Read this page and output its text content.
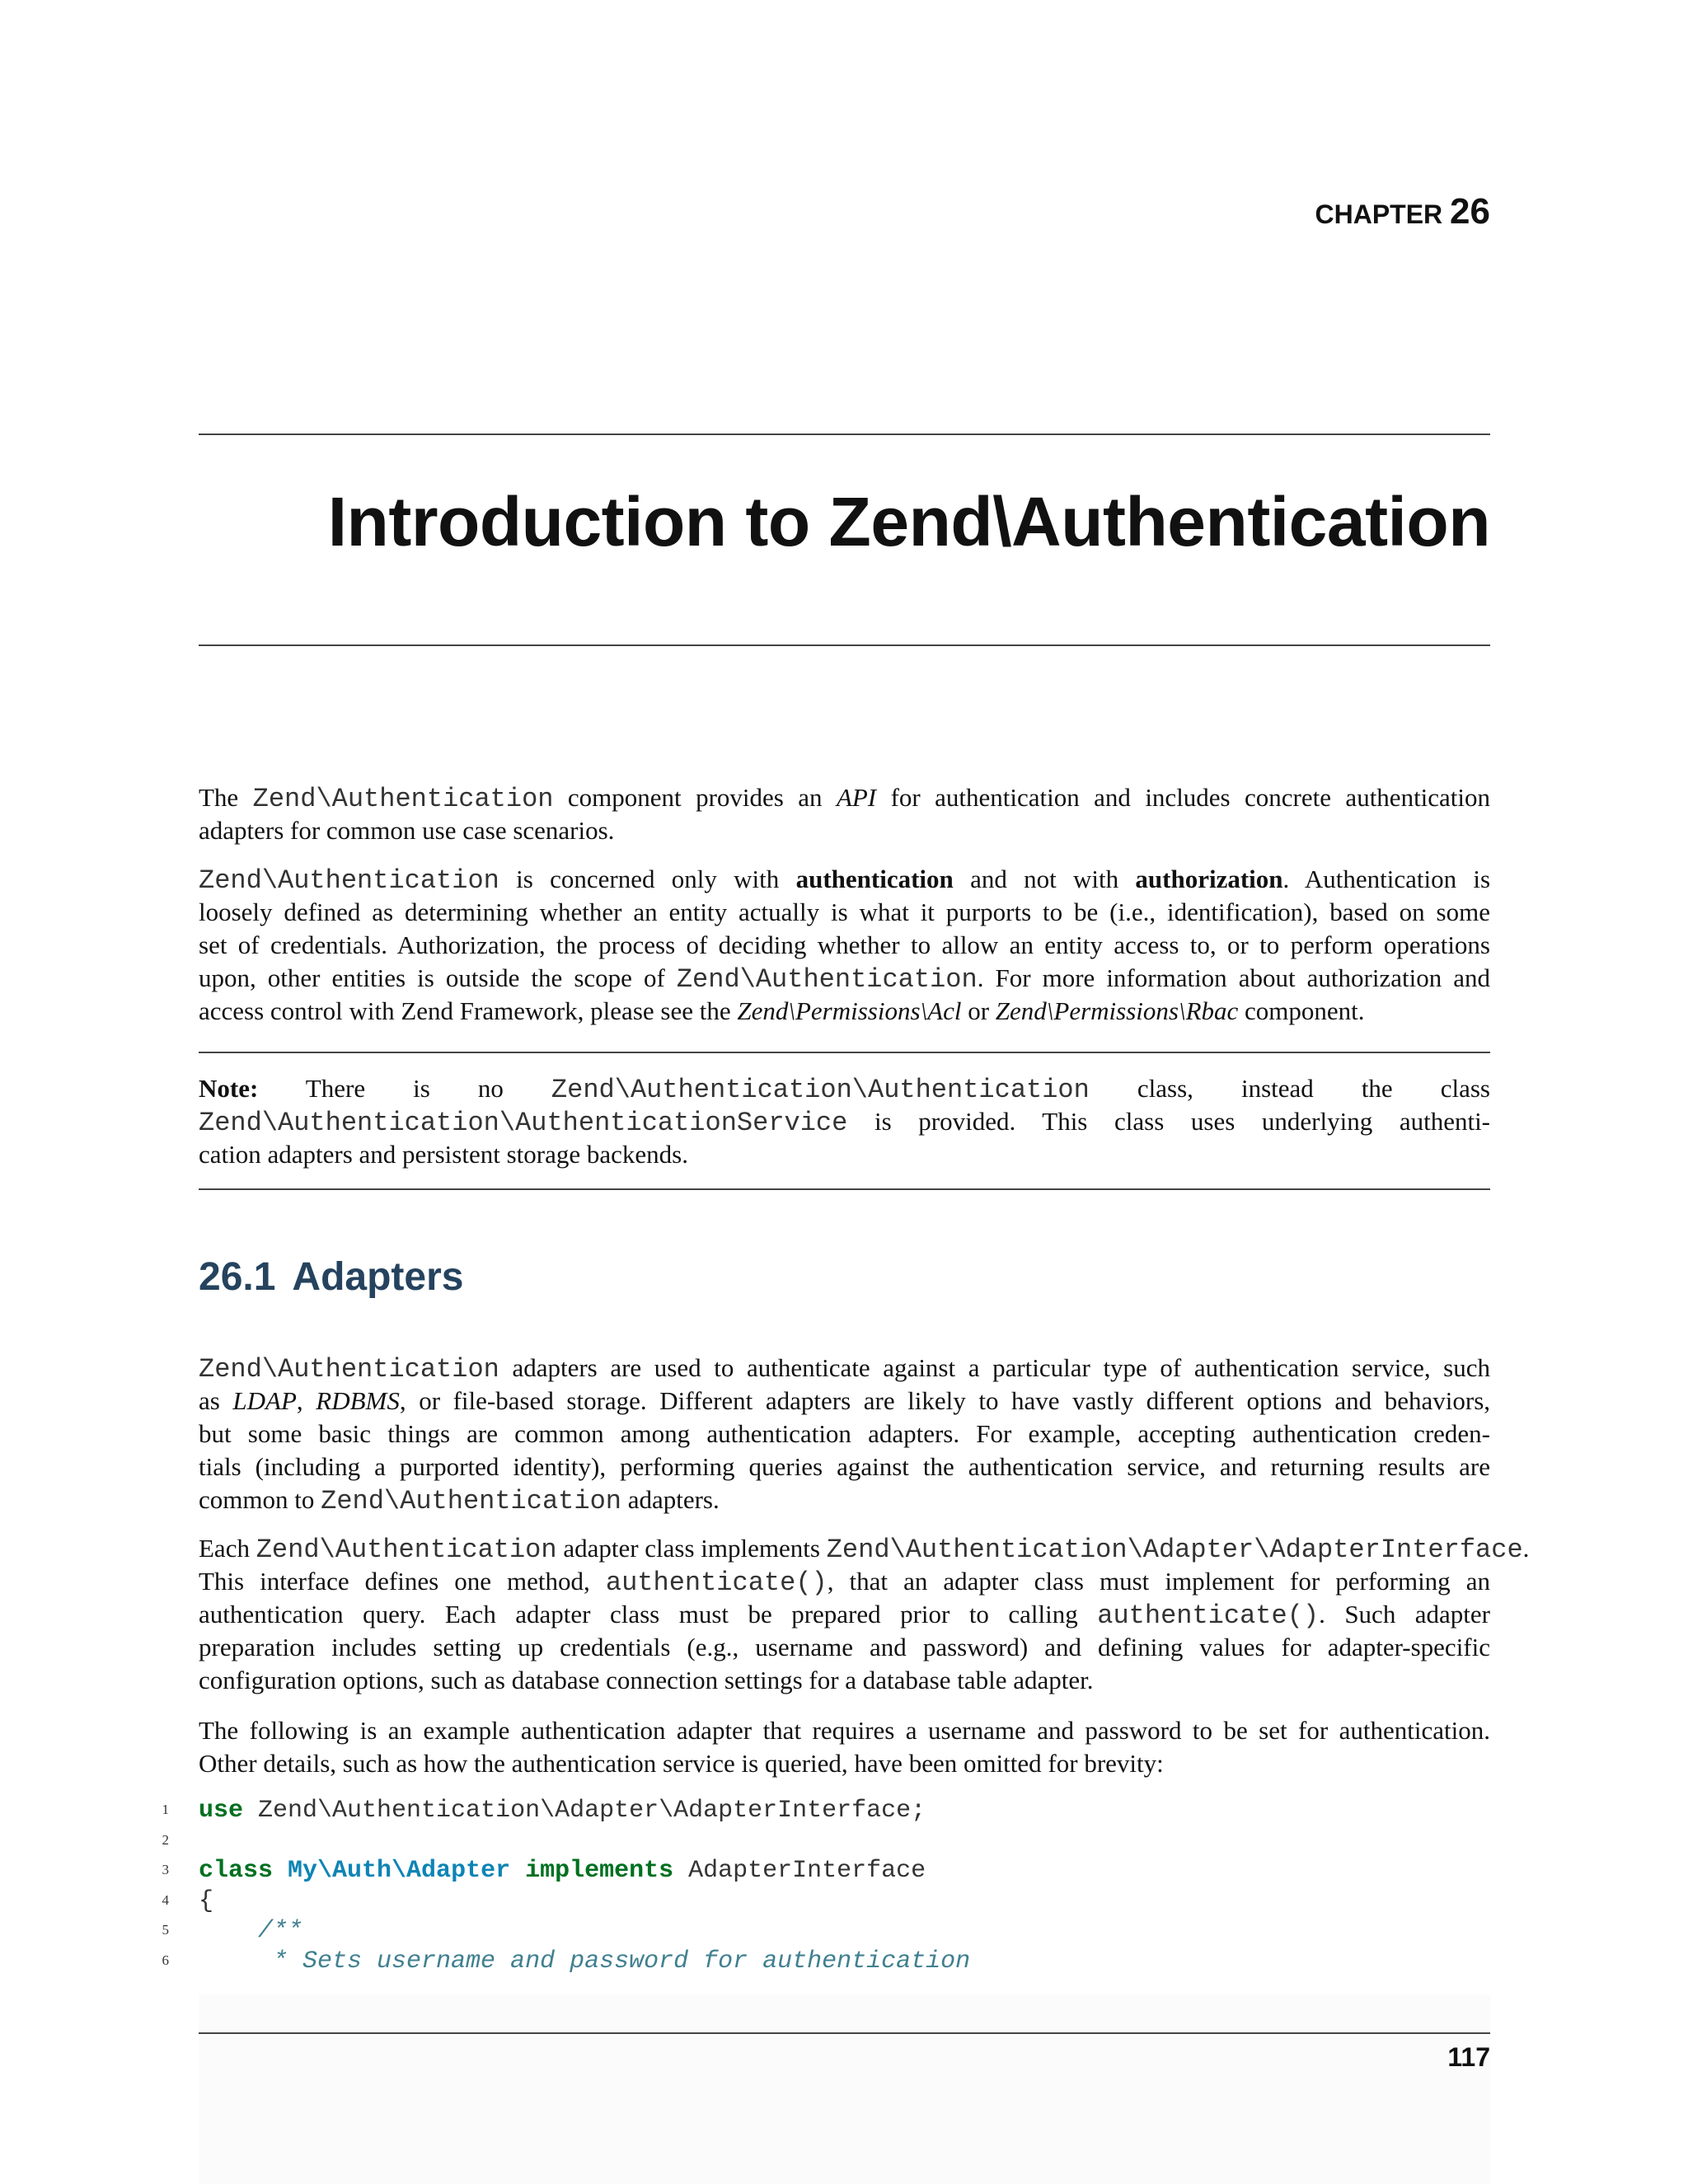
CHAPTER 26
Introduction to Zend\Authentication
The Zend\Authentication component provides an API for authentication and includes concrete authentication
adapters for common use case scenarios.
Zend\Authentication is concerned only with authentication and not with authorization. Authentication is
loosely defined as determining whether an entity actually is what it purports to be (i.e., identification), based on some
set of credentials. Authorization, the process of deciding whether to allow an entity access to, or to perform operations
upon, other entities is outside the scope of Zend\Authentication. For more information about authorization and
access control with Zend Framework, please see the Zend\Permissions\Acl or Zend\Permissions\Rbac component.
Note: There is no Zend\Authentication\Authentication class, instead the class
Zend\Authentication\AuthenticationService is provided. This class uses underlying authenti-
cation adapters and persistent storage backends.
26.1 Adapters
Zend\Authentication adapters are used to authenticate against a particular type of authentication service, such
as LDAP, RDBMS, or file-based storage. Different adapters are likely to have vastly different options and behaviors,
but some basic things are common among authentication adapters. For example, accepting authentication creden-
tials (including a purported identity), performing queries against the authentication service, and returning results are
common to Zend\Authentication adapters.
Each Zend\Authentication adapter class implements Zend\Authentication\Adapter\AdapterInterface.
This interface defines one method, authenticate(), that an adapter class must implement for performing an
authentication query. Each adapter class must be prepared prior to calling authenticate(). Such adapter
preparation includes setting up credentials (e.g., username and password) and defining values for adapter-specific
configuration options, such as database connection settings for a database table adapter.
The following is an example authentication adapter that requires a username and password to be set for authentication.
Other details, such as how the authentication service is queried, have been omitted for brevity:

1

use Zend\Authentication\Adapter\AdapterInterface;

2

3

class My\Auth\Adapter implements AdapterInterface

4

{

5

/**

6

* Sets username and password for authentication

117
